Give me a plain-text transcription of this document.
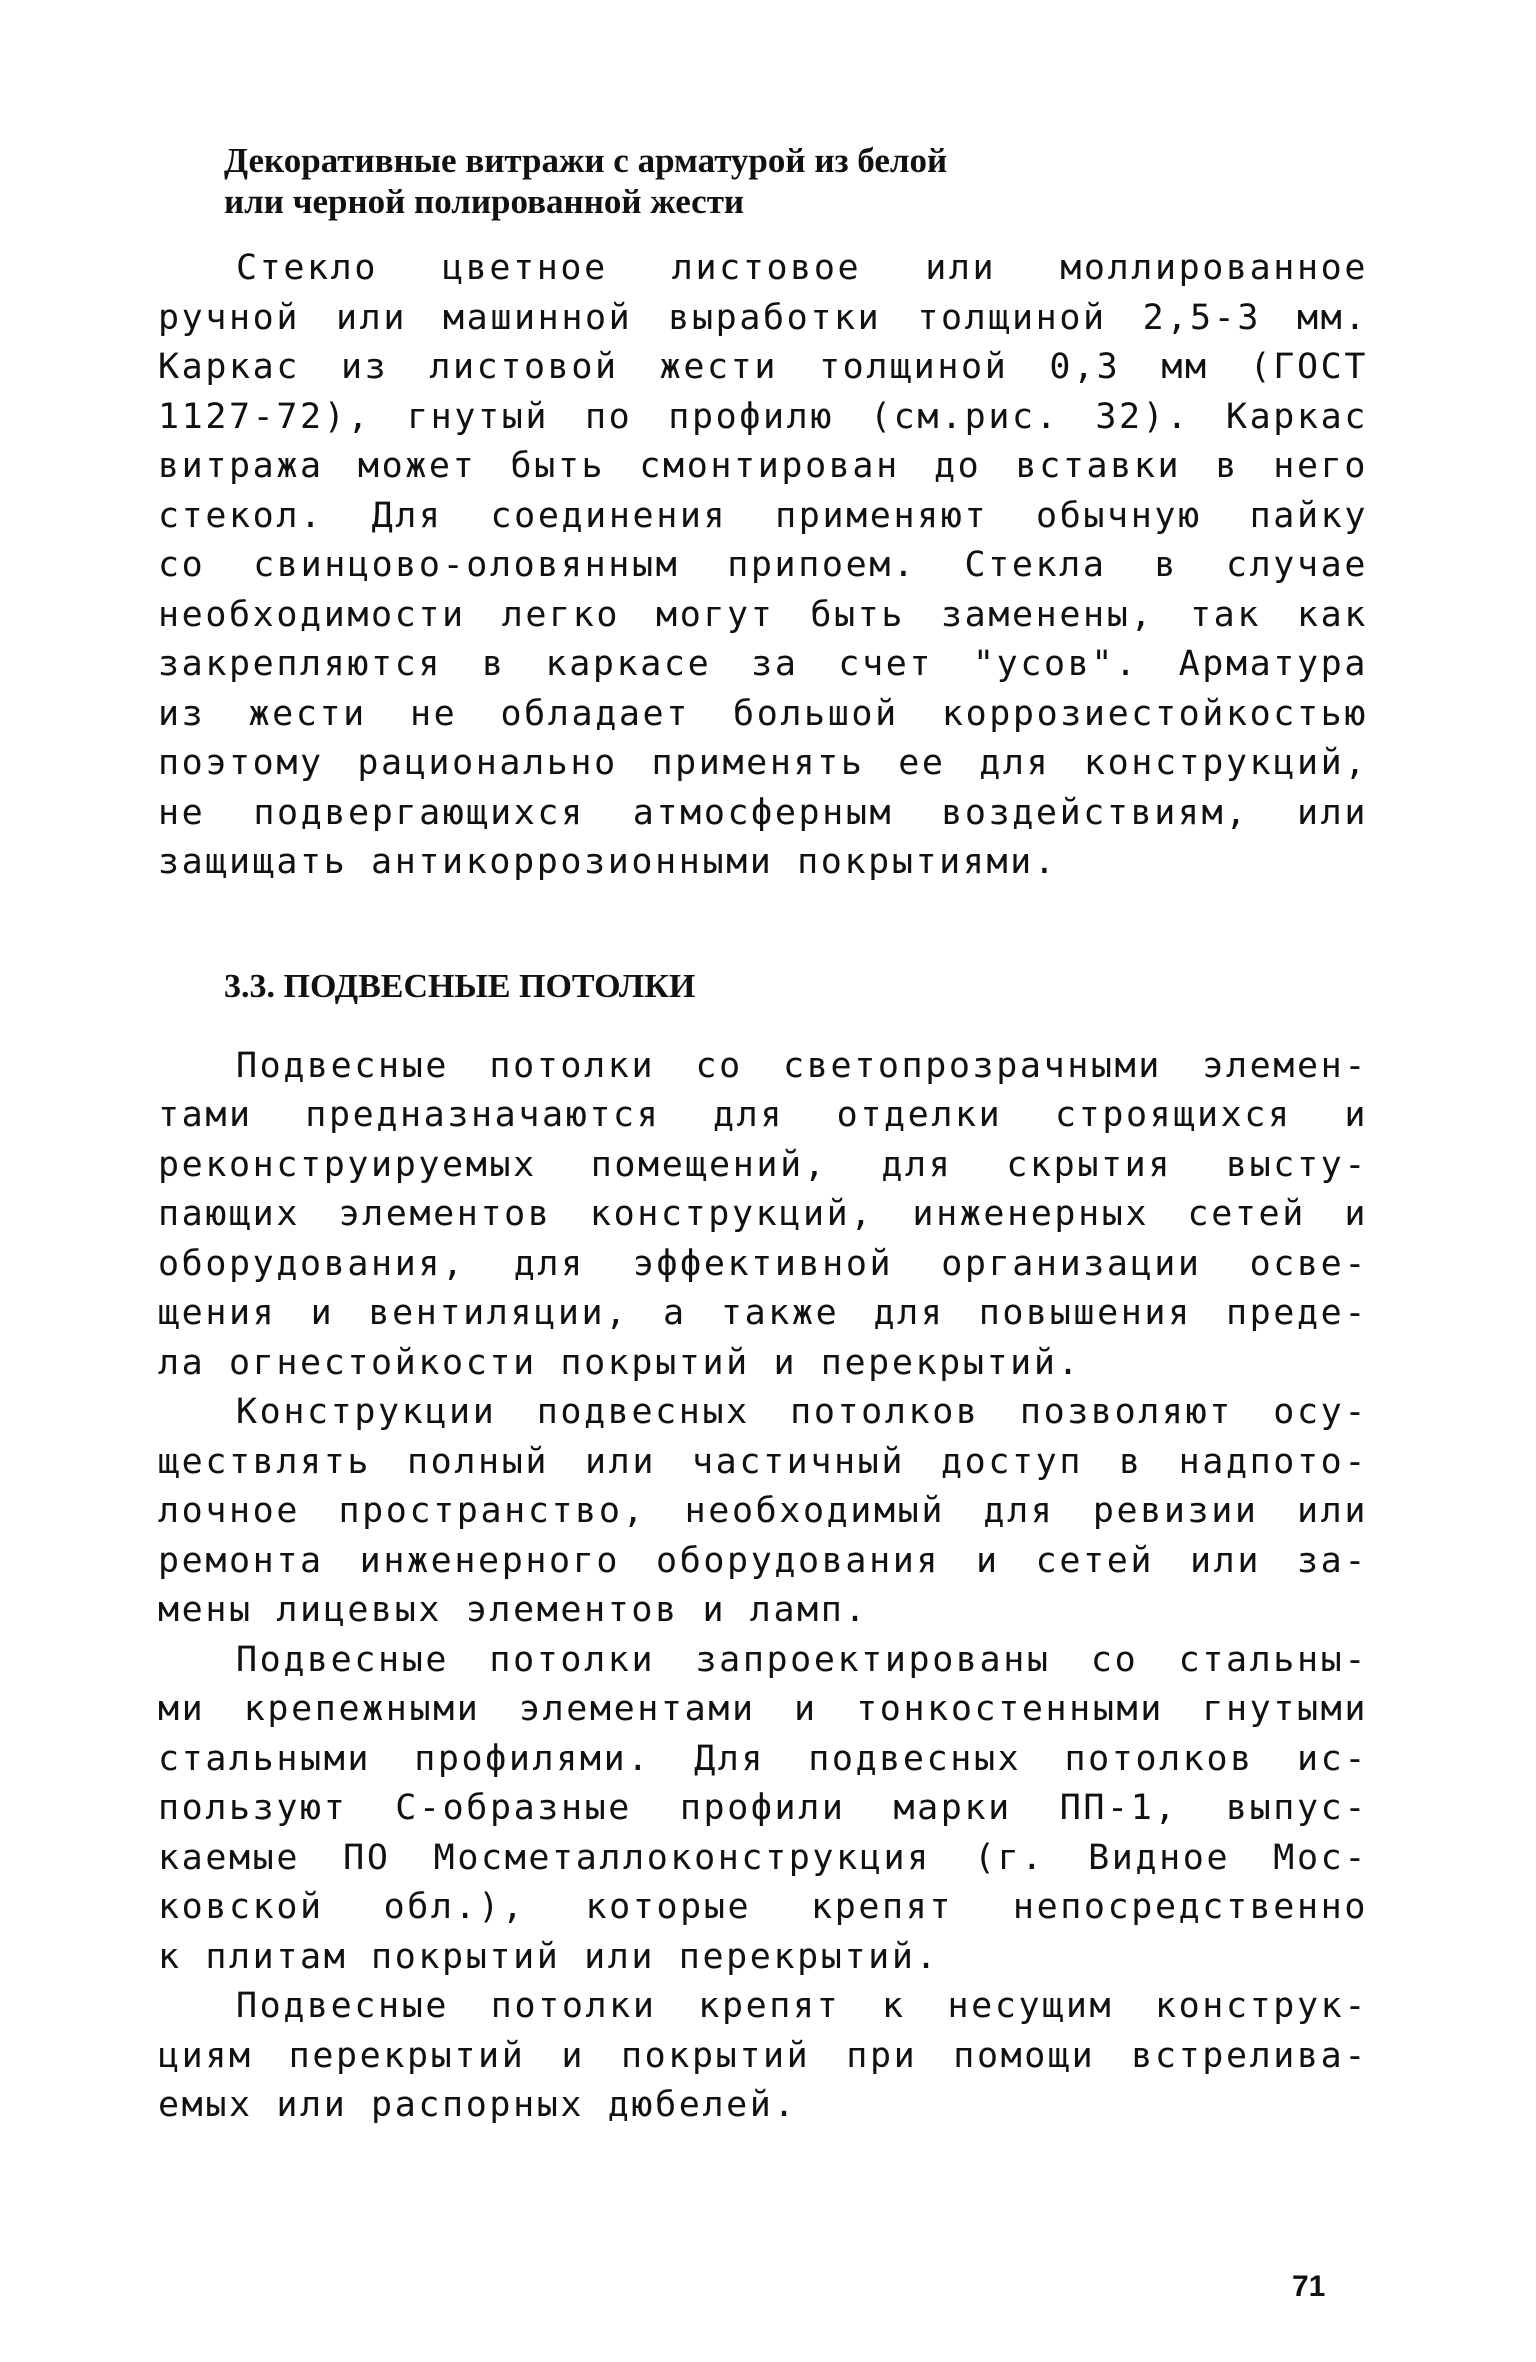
Декоративные витражи с арматурой из белой
или черной полированной жести

Стекло цветное листовое или моллированное
ручной или машинной выработки толщиной 2,5-3 мм.
Каркас из листовой жести толщиной 0,3 мм (ГОСТ
1127-72), гнутый по профилю (см.рис. 32). Каркас
витража может быть смонтирован до вставки в него
стекол. Для соединения применяют обычную пайку
со свинцово-оловянным припоем. Стекла в случае
необходимости легко могут быть заменены, так как
закрепляются в каркасе за счет "усов". Арматура
из жести не обладает большой коррозиестойкостью
поэтому рационально применять ее для конструкций,
не подвергающихся атмосферным воздействиям, или
защищать антикоррозионными покрытиями.

3.3. ПОДВЕСНЫЕ ПОТОЛКИ

Подвесные потолки со светопрозрачными элемен-
тами предназначаются для отделки строящихся и
реконструируемых помещений, для скрытия высту-
пающих элементов конструкций, инженерных сетей и
оборудования, для эффективной организации осве-
щения и вентиляции, а также для повышения преде-
ла огнестойкости покрытий и перекрытий.

Конструкции подвесных потолков позволяют осу-
ществлять полный или частичный доступ в надпото-
лочное пространство, необходимый для ревизии или
ремонта инженерного оборудования и сетей или за-
мены лицевых элементов и ламп.

Подвесные потолки запроектированы со стальны-
ми крепежными элементами и тонкостенными гнутыми
стальными профилями. Для подвесных потолков ис-
пользуют С-образные профили марки ПП-1, выпус-
каемые ПО Мосметаллоконструкция (г. Видное Мос-
ковской обл.), которые крепят непосредственно
к плитам покрытий или перекрытий.

Подвесные потолки крепят к несущим конструк-
циям перекрытий и покрытий при помощи встрелива-
емых или распорных дюбелей.

71
